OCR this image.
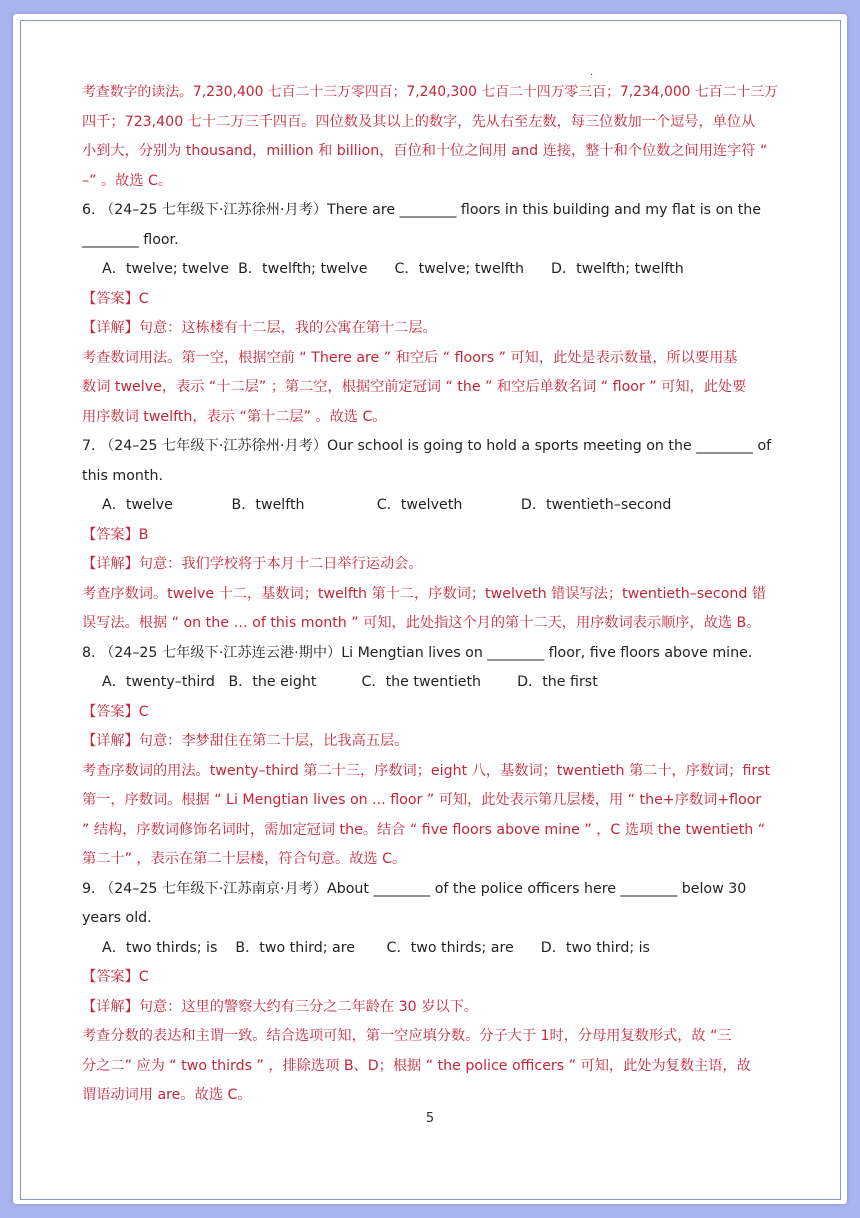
·

考查数字的读法。7,230,400 七百二十三万零四百；7,240,300 七百二十四万零三百；7,234,000 七百二十三万

四千；723,400 七十二万三千四百。四位数及其以上的数字，先从右至左数，每三位数加一个逗号，单位从

小到大，分别为 thousand，million 和 billion，百位和十位之间用 and 连接，整十和个位数之间用连字符 “

–” 。故选 C。

6. （24–25 七年级下·江苏徐州·月考）There are ________ floors in this building and my flat is on the

________ floor.

A．twelve; twelve  B．twelfth; twelve      C．twelve; twelfth      D．twelfth; twelfth

【答案】C

【详解】句意：这栋楼有十二层，我的公寓在第十二层。

考查数词用法。第一空，根据空前 “ There are ” 和空后 “ floors ” 可知，此处是表示数量，所以要用基

数词 twelve，表示 “十二层” ；第二空，根据空前定冠词 “ the ” 和空后单数名词 “ floor ” 可知，此处要

用序数词 twelfth，表示 “第十二层” 。故选 C。

7. （24–25 七年级下·江苏徐州·月考）Our school is going to hold a sports meeting on the ________ of

this month.

A．twelve             B．twelfth                C．twelveth             D．twentieth–second

【答案】B

【详解】句意：我们学校将于本月十二日举行运动会。

考查序数词。twelve 十二，基数词；twelfth 第十二，序数词；twelveth 错误写法；twentieth–second 错

误写法。根据 “ on the … of this month ” 可知，此处指这个月的第十二天，用序数词表示顺序，故选 B。

8. （24–25 七年级下·江苏连云港·期中）Li Mengtian lives on ________ floor, five floors above mine.

A．twenty–third   B．the eight          C．the twentieth        D．the first

【答案】C

【详解】句意：李梦甜住在第二十层，比我高五层。

考查序数词的用法。twenty–third 第二十三，序数词；eight 八，基数词；twentieth 第二十，序数词；first

第一，序数词。根据 “ Li Mengtian lives on ... floor ” 可知，此处表示第几层楼，用 “ the+序数词+floor

” 结构，序数词修饰名词时，需加定冠词 the。结合 “ five floors above mine ” ，C 选项 the twentieth “

第二十” ，表示在第二十层楼，符合句意。故选 C。

9. （24–25 七年级下·江苏南京·月考）About ________ of the police officers here ________ below 30

years old.

A．two thirds; is    B．two third; are       C．two thirds; are      D．two third; is

【答案】C

【详解】句意：这里的警察大约有三分之二年龄在 30 岁以下。

考查分数的表达和主谓一致。结合选项可知，第一空应填分数。分子大于 1时，分母用复数形式，故 “三

分之二” 应为 “ two thirds ” ，排除选项 B、D；根据 “ the police officers ” 可知，此处为复数主语，故

谓语动词用 are。故选 C。

5
